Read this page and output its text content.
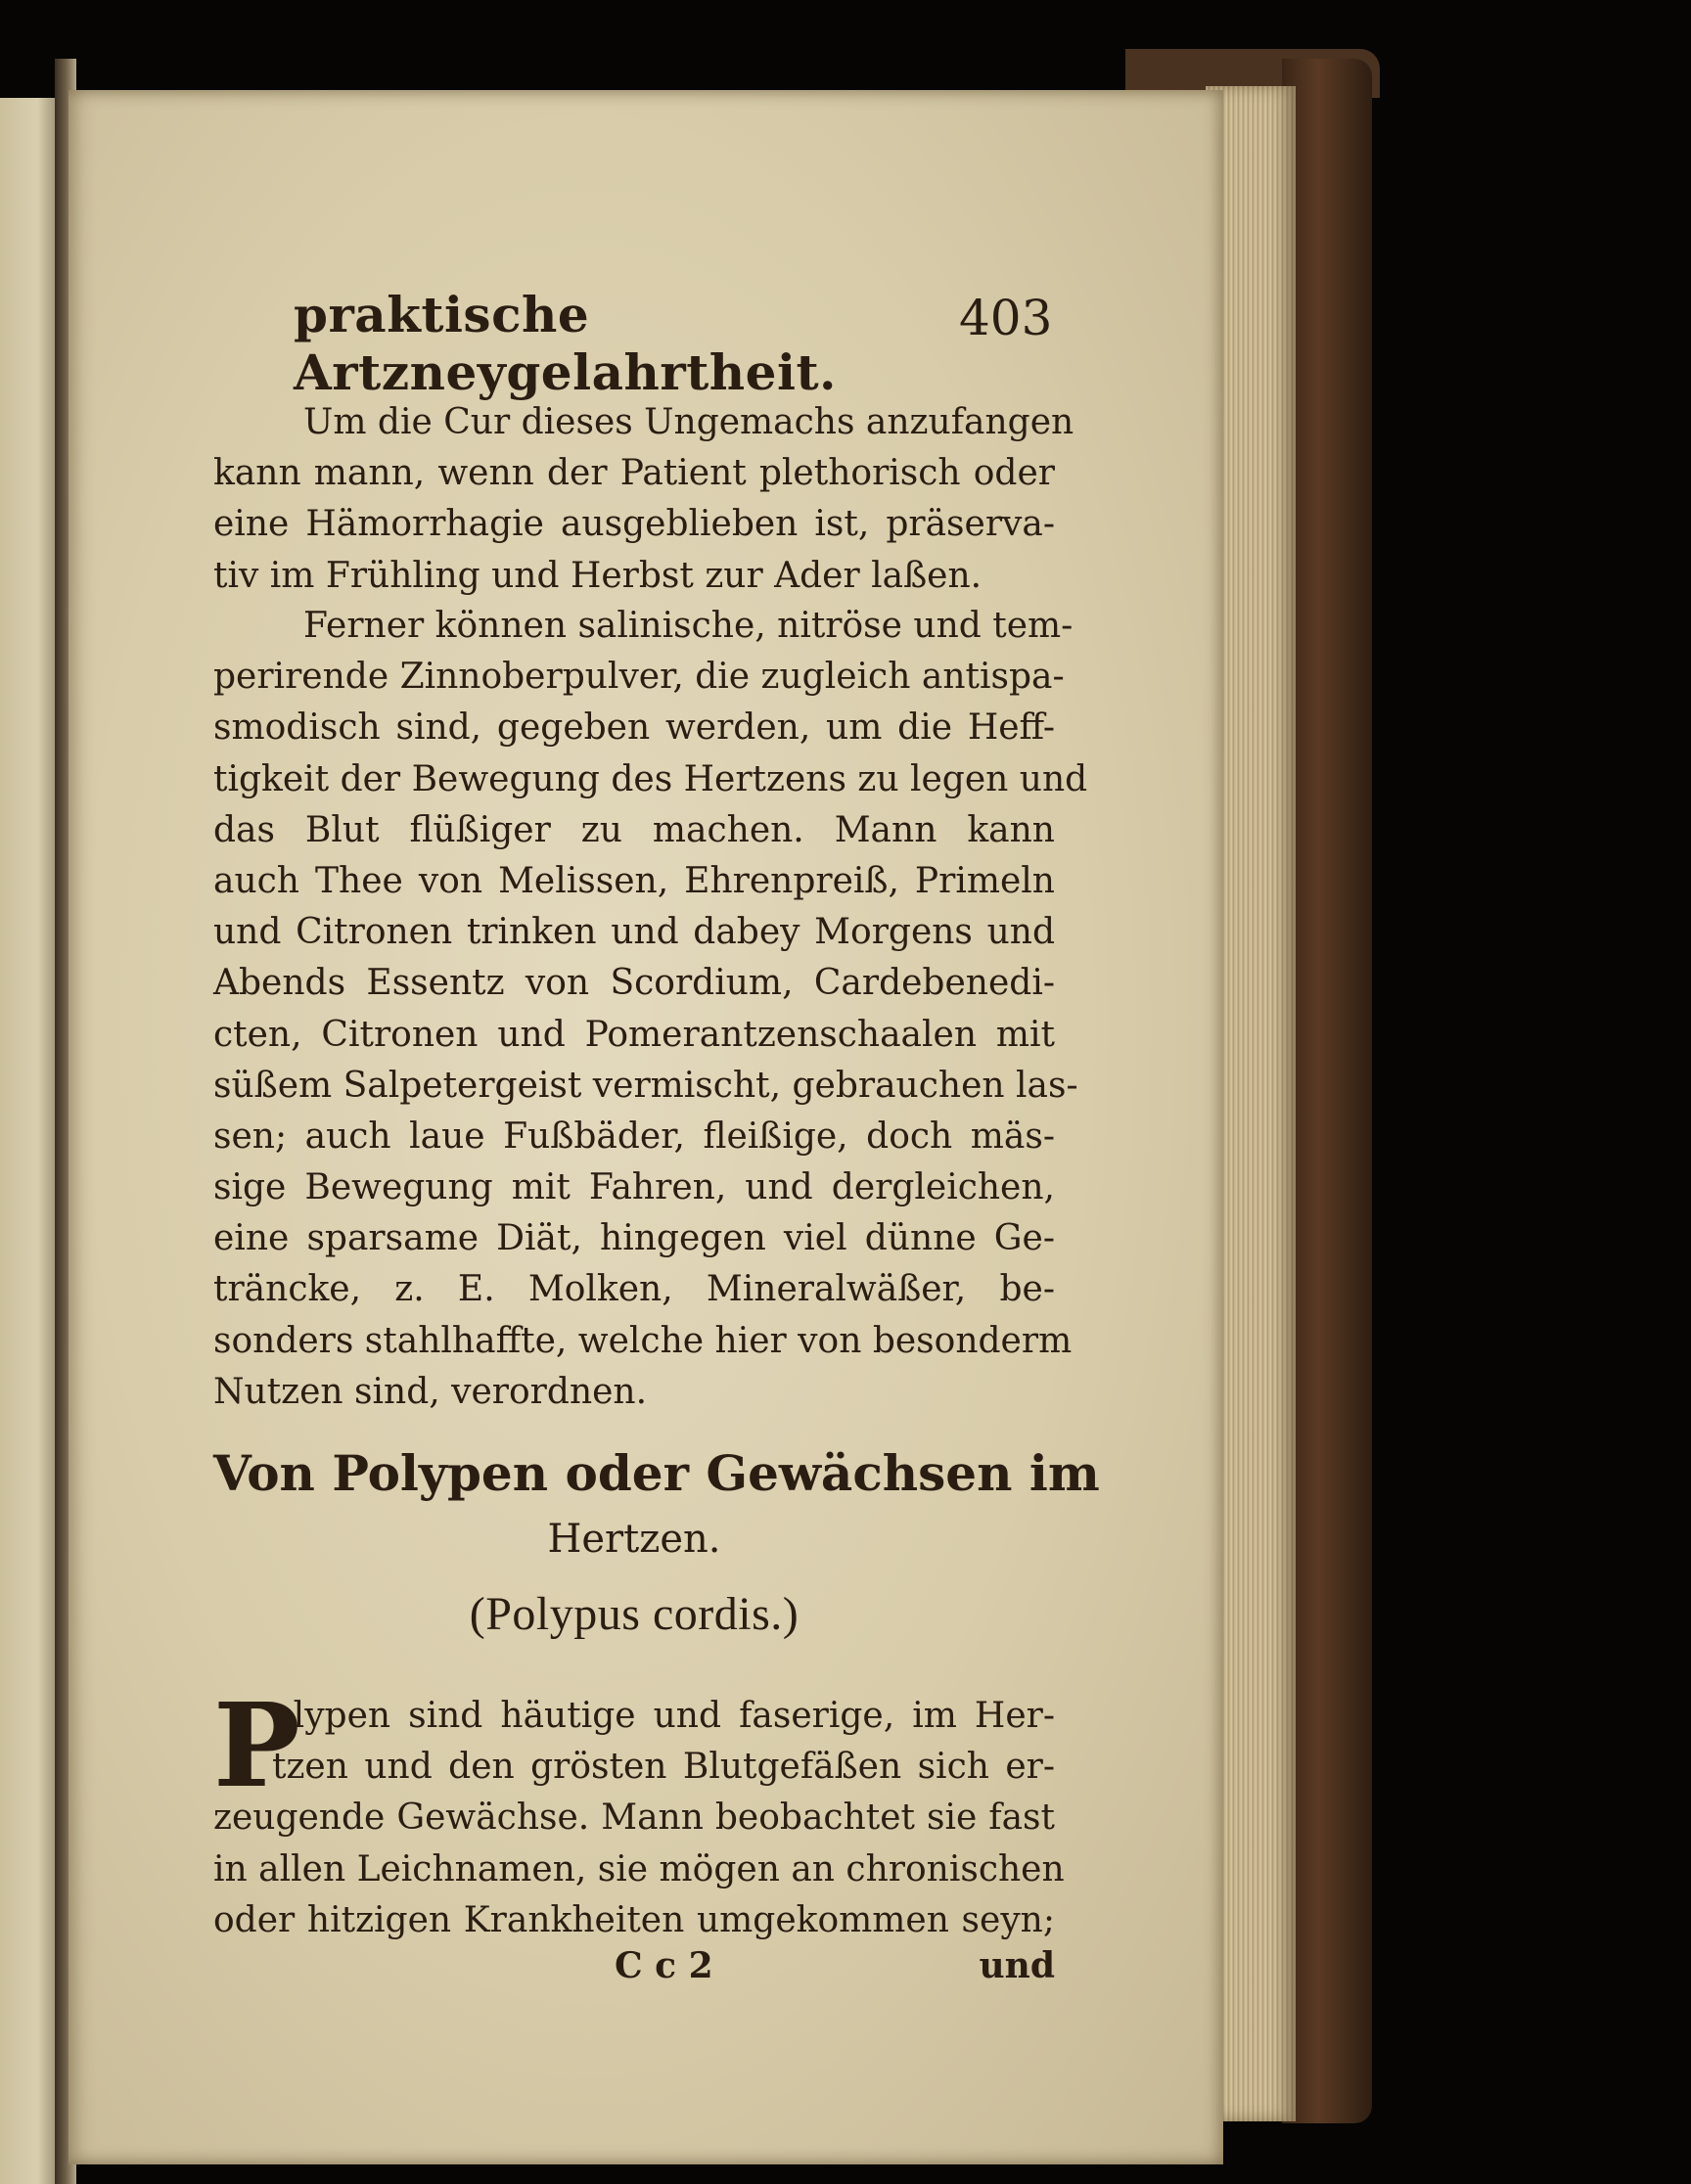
praktische Artzneygelahrtheit.
403
Um die Cur dieses Ungemachs anzufangen
kann mann, wenn der Patient plethorisch oder
eine Hämorrhagie ausgeblieben ist, präserva-
tiv im Frühling und Herbst zur Ader laßen.
Ferner können salinische, nitröse und tem-
perirende Zinnoberpulver, die zugleich antispa-
smodisch sind, gegeben werden, um die Heff-
tigkeit der Bewegung des Hertzens zu legen und
das Blut flüßiger zu machen. Mann kann
auch Thee von Melissen, Ehrenpreiß, Primeln
und Citronen trinken und dabey Morgens und
Abends Essentz von Scordium, Cardebenedi-
cten, Citronen und Pomerantzenschaalen mit
süßem Salpetergeist vermischt, gebrauchen las-
sen; auch laue Fußbäder, fleißige, doch mäs-
sige Bewegung mit Fahren, und dergleichen,
eine sparsame Diät, hingegen viel dünne Ge-
träncke, z. E. Molken, Mineralwäßer, be-
sonders stahlhaffte, welche hier von besonderm
Nutzen sind, verordnen.
Von Polypen oder Gewächsen im
Hertzen.
(Polypus cordis.)
P
olypen sind häutige und faserige, im Her-
tzen und den grösten Blutgefäßen sich er-
zeugende Gewächse. Mann beobachtet sie fast
in allen Leichnamen, sie mögen an chronischen
oder hitzigen Krankheiten umgekommen seyn;
C c 2	und
